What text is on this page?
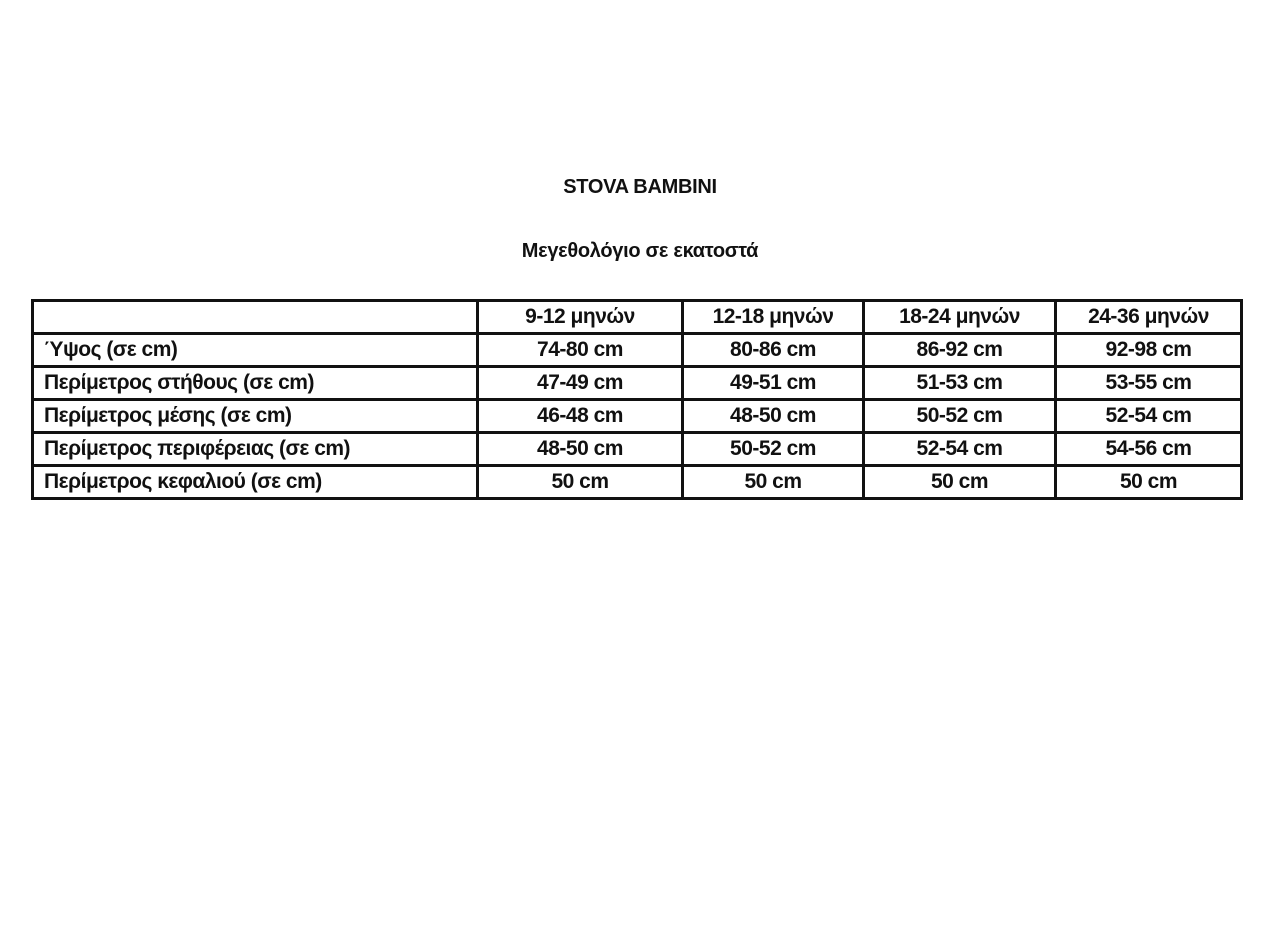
STOVA BAMBINI
Μεγεθολόγιο σε εκατοστά
	9-12 μηνών	12-18 μηνών	18-24 μηνών	24-36 μηνών
Ύψος (σε cm)	74-80 cm	80-86 cm	86-92 cm	92-98 cm
Περίμετρος στήθους (σε cm)	47-49 cm	49-51 cm	51-53 cm	53-55 cm
Περίμετρος μέσης (σε cm)	46-48 cm	48-50 cm	50-52 cm	52-54 cm
Περίμετρος περιφέρειας (σε cm)	48-50 cm	50-52 cm	52-54 cm	54-56 cm
Περίμετρος κεφαλιού (σε cm)	50 cm	50 cm	50 cm	50 cm
